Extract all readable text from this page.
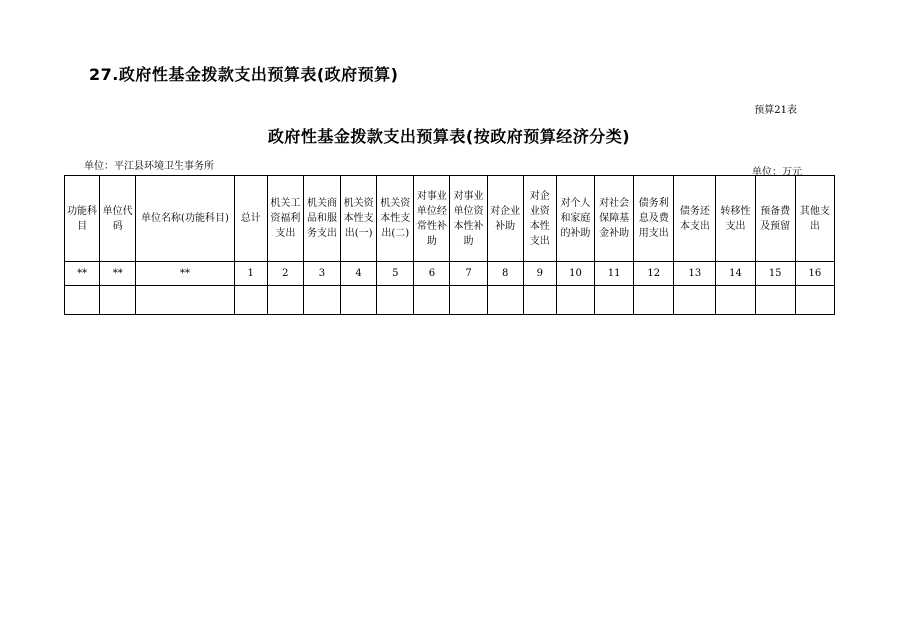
27.政府性基金拨款支出预算表(政府预算)
预算21表
政府性基金拨款支出预算表(按政府预算经济分类)
单位：平江县环境卫生事务所
单位：万元
功能科目	单位代码	单位名称(功能科目)	总计	机关工资福利支出	机关商品和服务支出	机关资本性支出(一)	机关资本性支出(二)	对事业单位经常性补助	对事业单位资本性补助	对企业补助	对企业资本性支出	对个人和家庭的补助	对社会保障基金补助	债务利息及费用支出	债务还本支出	转移性支出	预备费及预留	其他支出
**	**	**	1	2	3	4	5	6	7	8	9	10	11	12	13	14	15	16
